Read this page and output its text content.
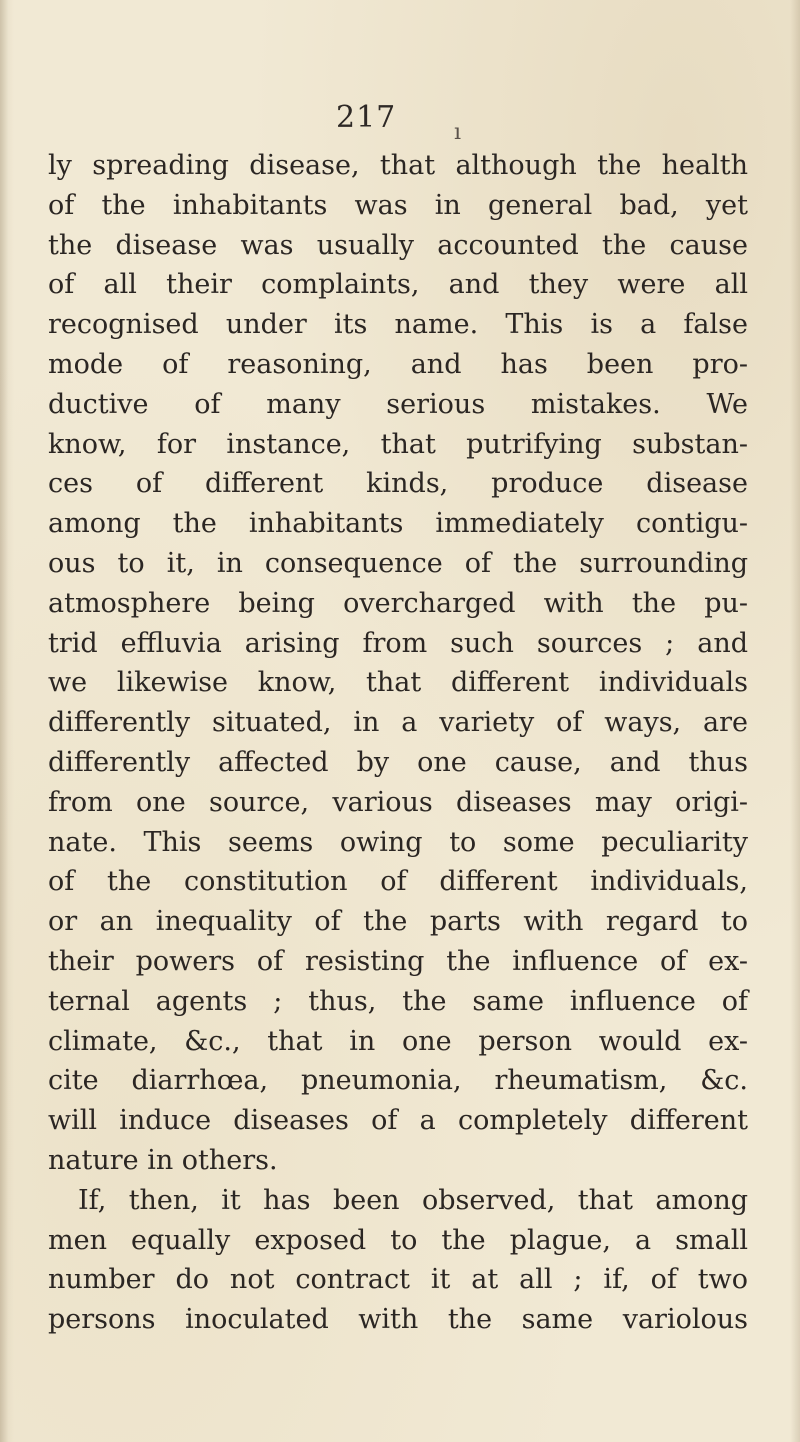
217	ı
ly spreading disease, that although the health
of the inhabitants was in general bad, yet
the disease was usually accounted the cause
of all their complaints, and they were all
recognised under its name. This is a false
mode of reasoning, and has been pro-
ductive of many serious mistakes. We
know, for instance, that putrifying substan-
ces of different kinds, produce disease
among the inhabitants immediately contigu-
ous to it, in consequence of the surrounding
atmosphere being overcharged with the pu-
trid effluvia arising from such sources ; and
we likewise know, that different individuals
differently situated, in a variety of ways, are
differently affected by one cause, and thus
from one source, various diseases may origi-
nate. This seems owing to some peculiarity
of the constitution of different individuals,
or an inequality of the parts with regard to
their powers of resisting the influence of ex-
ternal agents ; thus, the same influence of
climate, &c., that in one person would ex-
cite diarrhœa, pneumonia, rheumatism, &c.
will induce diseases of a completely different
nature in others.
If, then, it has been observed, that among
men equally exposed to the plague, a small
number do not contract it at all ; if, of two
persons inoculated with the same variolous
